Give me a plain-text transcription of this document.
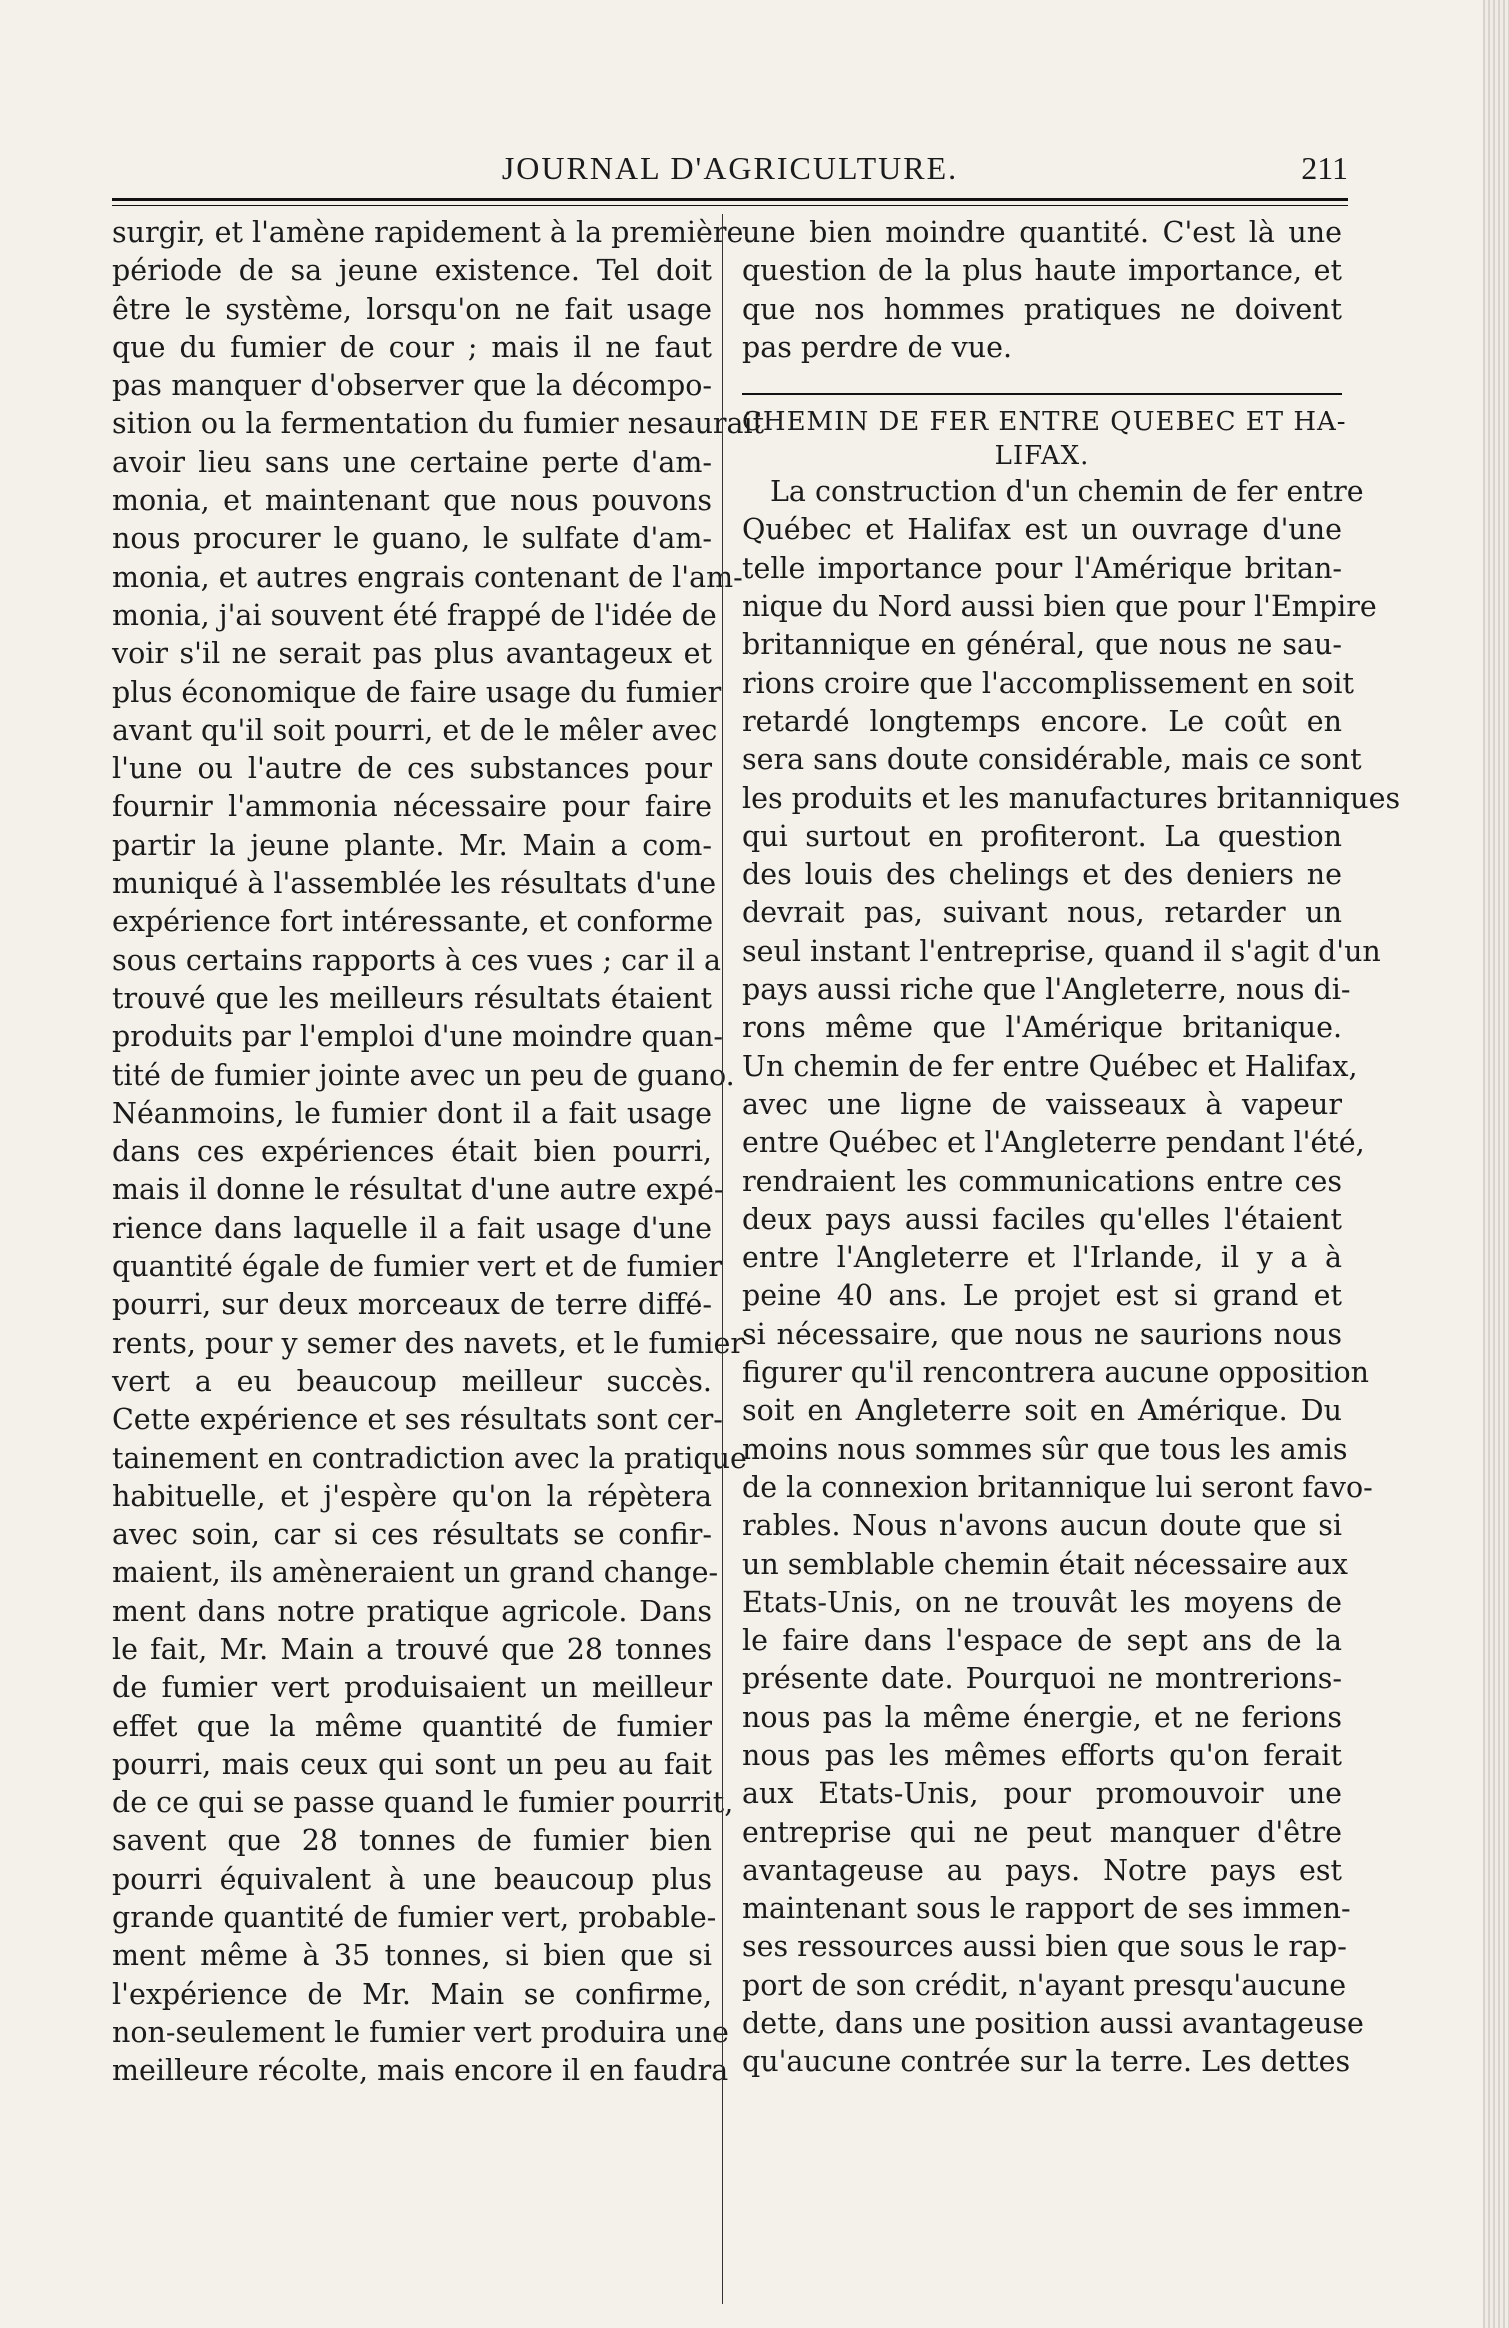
JOURNAL D'AGRICULTURE.	211
surgir, et l'amène rapidement à la première
période de sa jeune existence. Tel doit
être le système, lorsqu'on ne fait usage
que du fumier de cour ; mais il ne faut
pas manquer d'observer que la décompo-
sition ou la fermentation du fumier nesaurait
avoir lieu sans une certaine perte d'am-
monia, et maintenant que nous pouvons
nous procurer le guano, le sulfate d'am-
monia, et autres engrais contenant de l'am-
monia, j'ai souvent été frappé de l'idée de
voir s'il ne serait pas plus avantageux et
plus économique de faire usage du fumier
avant qu'il soit pourri, et de le mêler avec
l'une ou l'autre de ces substances pour
fournir l'ammonia nécessaire pour faire
partir la jeune plante. Mr. Main a com-
muniqué à l'assemblée les résultats d'une
expérience fort intéressante, et conforme
sous certains rapports à ces vues ; car il a
trouvé que les meilleurs résultats étaient
produits par l'emploi d'une moindre quan-
tité de fumier jointe avec un peu de guano.
Néanmoins, le fumier dont il a fait usage
dans ces expériences était bien pourri,
mais il donne le résultat d'une autre expé-
rience dans laquelle il a fait usage d'une
quantité égale de fumier vert et de fumier
pourri, sur deux morceaux de terre diffé-
rents, pour y semer des navets, et le fumier
vert a eu beaucoup meilleur succès.
Cette expérience et ses résultats sont cer-
tainement en contradiction avec la pratique
habituelle, et j'espère qu'on la répètera
avec soin, car si ces résultats se confir-
maient, ils amèneraient un grand change-
ment dans notre pratique agricole. Dans
le fait, Mr. Main a trouvé que 28 tonnes
de fumier vert produisaient un meilleur
effet que la même quantité de fumier
pourri, mais ceux qui sont un peu au fait
de ce qui se passe quand le fumier pourrit,
savent que 28 tonnes de fumier bien
pourri équivalent à une beaucoup plus
grande quantité de fumier vert, probable-
ment même à 35 tonnes, si bien que si
l'expérience de Mr. Main se confirme,
non-seulement le fumier vert produira une
meilleure récolte, mais encore il en faudra
une bien moindre quantité. C'est là une
question de la plus haute importance, et
que nos hommes pratiques ne doivent
pas perdre de vue.
CHEMIN DE FER ENTRE QUEBEC ET HA-
LIFAX.
La construction d'un chemin de fer entre
Québec et Halifax est un ouvrage d'une
telle importance pour l'Amérique britan-
nique du Nord aussi bien que pour l'Empire
britannique en général, que nous ne sau-
rions croire que l'accomplissement en soit
retardé longtemps encore. Le coût en
sera sans doute considérable, mais ce sont
les produits et les manufactures britanniques
qui surtout en profiteront. La question
des louis des chelings et des deniers ne
devrait pas, suivant nous, retarder un
seul instant l'entreprise, quand il s'agit d'un
pays aussi riche que l'Angleterre, nous di-
rons même que l'Amérique britanique.
Un chemin de fer entre Québec et Halifax,
avec une ligne de vaisseaux à vapeur
entre Québec et l'Angleterre pendant l'été,
rendraient les communications entre ces
deux pays aussi faciles qu'elles l'étaient
entre l'Angleterre et l'Irlande, il y a à
peine 40 ans. Le projet est si grand et
si nécessaire, que nous ne saurions nous
figurer qu'il rencontrera aucune opposition
soit en Angleterre soit en Amérique. Du
moins nous sommes sûr que tous les amis
de la connexion britannique lui seront favo-
rables. Nous n'avons aucun doute que si
un semblable chemin était nécessaire aux
Etats-Unis, on ne trouvât les moyens de
le faire dans l'espace de sept ans de la
présente date. Pourquoi ne montrerions-
nous pas la même énergie, et ne ferions
nous pas les mêmes efforts qu'on ferait
aux Etats-Unis, pour promouvoir une
entreprise qui ne peut manquer d'être
avantageuse au pays. Notre pays est
maintenant sous le rapport de ses immen-
ses ressources aussi bien que sous le rap-
port de son crédit, n'ayant presqu'aucune
dette, dans une position aussi avantageuse
qu'aucune contrée sur la terre. Les dettes
